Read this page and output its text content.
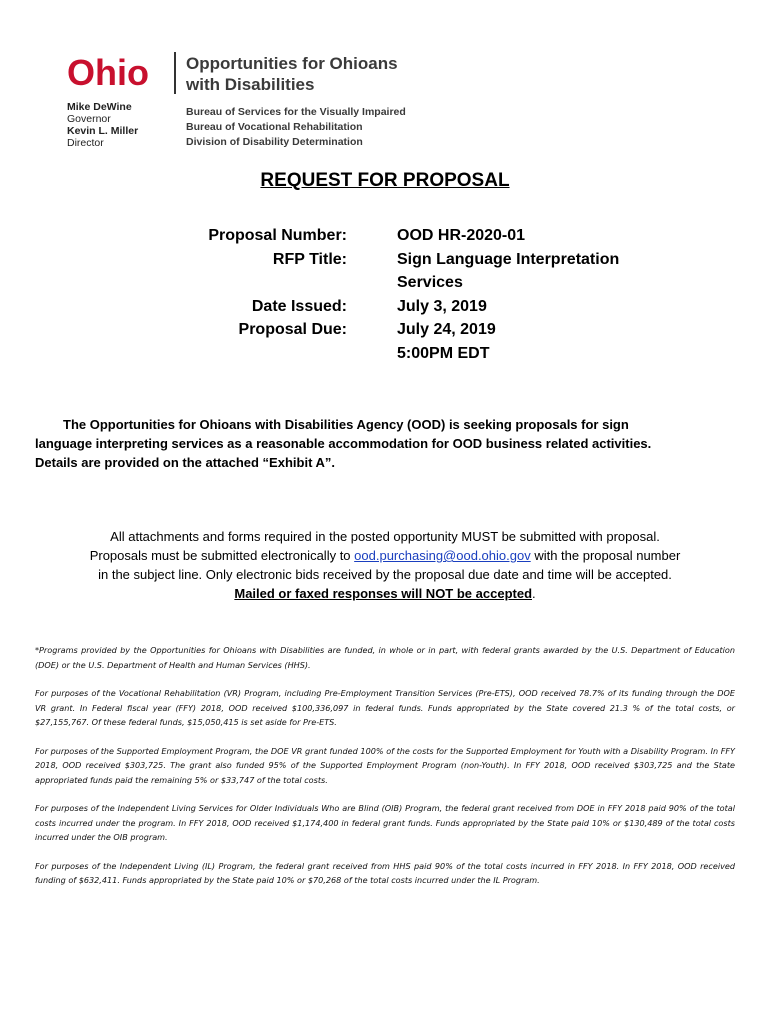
Ohio Opportunities for Ohioans
with Disabilities
Mike DeWine
Governor
Kevin L. Miller
Director
Bureau of Services for the Visually Impaired
Bureau of Vocational Rehabilitation
Division of Disability Determination
REQUEST FOR PROPOSAL
Proposal Number:
RFP Title:
Date Issued:
Proposal Due:
OOD HR-2020-01
Sign Language Interpretation
Services
July 3, 2019
July 24, 2019
5:00PM EDT
The Opportunities for Ohioans with Disabilities Agency (OOD) is seeking proposals for sign
language interpreting services as a reasonable accommodation for OOD business related activities.
Details are provided on the attached “Exhibit A”.
All attachments and forms required in the posted opportunity MUST be submitted with proposal.
Proposals must be submitted electronically to ood.purchasing@ood.ohio.gov with the proposal number
in the subject line. Only electronic bids received by the proposal due date and time will be accepted.
Mailed or faxed responses will NOT be accepted.

*Programs provided by the Opportunities for Ohioans with Disabilities are funded, in whole or in part, with federal grants awarded by the U.S. Department of Education (DOE) or the U.S. Department of Health and Human Services (HHS).

For purposes of the Vocational Rehabilitation (VR) Program, including Pre-Employment Transition Services (Pre-ETS), OOD received 78.7% of its funding through the DOE VR grant. In Federal fiscal year (FFY) 2018, OOD received $100,336,097 in federal funds. Funds appropriated by the State covered 21.3 % of the total costs, or $27,155,767. Of these federal funds, $15,050,415 is set aside for Pre-ETS.

For purposes of the Supported Employment Program, the DOE VR grant funded 100% of the costs for the Supported Employment for Youth with a Disability Program. In FFY 2018, OOD received $303,725. The grant also funded 95% of the Supported Employment Program (non-Youth). In FFY 2018, OOD received $303,725 and the State appropriated funds paid the remaining 5% or $33,747 of the total costs.

For purposes of the Independent Living Services for Older Individuals Who are Blind (OIB) Program, the federal grant received from DOE in FFY 2018 paid 90% of the total costs incurred under the program. In FFY 2018, OOD received $1,174,400 in federal grant funds. Funds appropriated by the State paid 10% or $130,489 of the total costs incurred under the OIB program.

For purposes of the Independent Living (IL) Program, the federal grant received from HHS paid 90% of the total costs incurred in FFY 2018. In FFY 2018, OOD received funding of $632,411. Funds appropriated by the State paid 10% or $70,268 of the total costs incurred under the IL Program.
